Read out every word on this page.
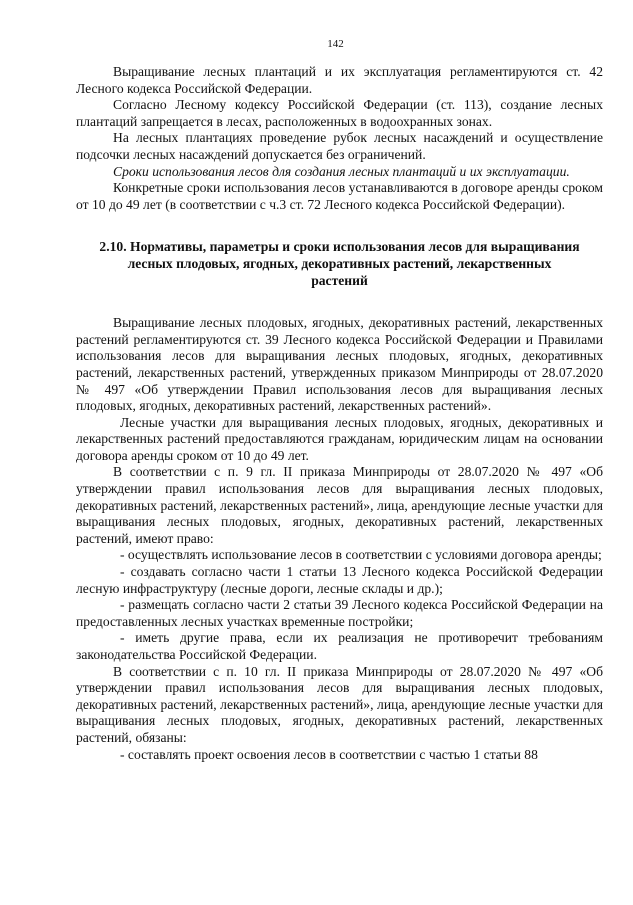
142

Выращивание лесных плантаций и их эксплуатация регламентируются ст. 42 Лесного кодекса Российской Федерации.

Согласно Лесному кодексу Российской Федерации (ст. 113), создание лесных плантаций запрещается в лесах, расположенных в водоохранных зонах.

На лесных плантациях проведение рубок лесных насаждений и осуществление подсочки лесных насаждений допускается без ограничений.

Сроки использования лесов для создания лесных плантаций и их эксплуатации.

Конкретные сроки использования лесов устанавливаются в договоре аренды сроком от 10 до 49 лет (в соответствии с ч.3 ст. 72 Лесного кодекса Российской Федерации).

2.10. Нормативы, параметры и сроки использования лесов для выращивания
лесных плодовых, ягодных, декоративных растений, лекарственных
растений

Выращивание лесных плодовых, ягодных, декоративных растений, лекарственных растений регламентируются ст. 39 Лесного кодекса Российской Федерации и Правилами использования лесов для выращивания лесных плодовых, ягодных, декоративных растений, лекарственных растений, утвержденных приказом Минприроды от 28.07.2020 № 497 «Об утверждении Правил использования лесов для выращивания лесных плодовых, ягодных, декоративных растений, лекарственных растений».

Лесные участки для выращивания лесных плодовых, ягодных, декоративных и лекарственных растений предоставляются гражданам, юридическим лицам на основании договора аренды сроком от 10 до 49 лет.

В соответствии с п. 9 гл. II приказа Минприроды от 28.07.2020 № 497 «Об утверждении правил использования лесов для выращивания лесных плодовых, декоративных растений, лекарственных растений», лица, арендующие лесные участки для выращивания лесных плодовых, ягодных, декоративных растений, лекарственных растений, имеют право:

- осуществлять использование лесов в соответствии с условиями договора аренды;

- создавать согласно части 1 статьи 13 Лесного кодекса Российской Федерации лесную инфраструктуру (лесные дороги, лесные склады и др.);

- размещать согласно части 2 статьи 39 Лесного кодекса Российской Федерации на предоставленных лесных участках временные постройки;

- иметь другие права, если их реализация не противоречит требованиям законодательства Российской Федерации.

В соответствии с п. 10 гл. II приказа Минприроды от 28.07.2020 № 497 «Об утверждении правил использования лесов для выращивания лесных плодовых, декоративных растений, лекарственных растений», лица, арендующие лесные участки для выращивания лесных плодовых, ягодных, декоративных растений, лекарственных растений, обязаны:

- составлять проект освоения лесов в соответствии с частью 1 статьи 88
